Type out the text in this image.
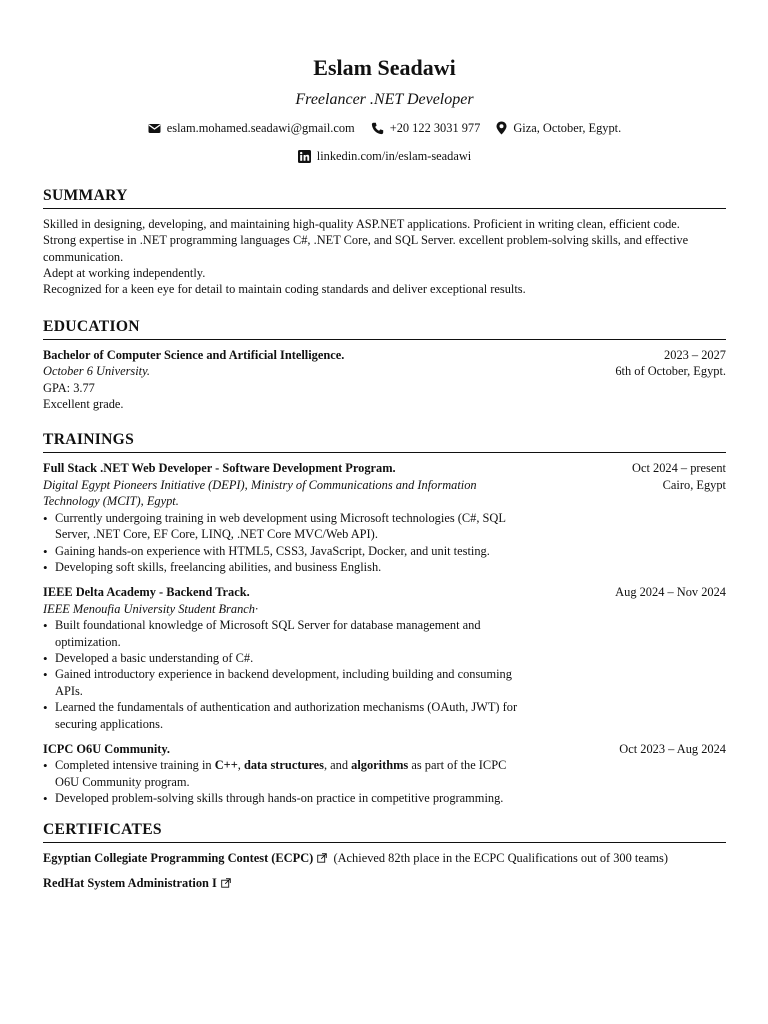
Eslam Seadawi
Freelancer .NET Developer
eslam.mohamed.seadawi@gmail.com	+20 122 3031 977	Giza, October, Egypt.
linkedin.com/in/eslam-seadawi
SUMMARY

Skilled in designing, developing, and maintaining high-quality ASP.NET applications. Proficient in writing clean, efficient code.

Strong expertise in .NET programming languages C#, .NET Core, and SQL Server. excellent problem-solving skills, and effective communication.

Adept at working independently.

Recognized for a keen eye for detail to maintain coding standards and deliver exceptional results.

EDUCATION
Bachelor of Computer Science and Artificial Intelligence.	2023 – 2027
October 6 University.	6th of October, Egypt.
GPA: 3.77
Excellent grade.
TRAININGS
Full Stack .NET Web Developer - Software Development Program.	Oct 2024 – present
Digital Egypt Pioneers Initiative (DEPI), Ministry of Communications and Information Technology (MCIT), Egypt.
Cairo, Egypt
• Currently undergoing training in web development using Microsoft technologies (C#, SQL Server, .NET Core, EF Core, LINQ, .NET Core MVC/Web API).
• Gaining hands-on experience with HTML5, CSS3, JavaScript, Docker, and unit testing.
• Developing soft skills, freelancing abilities, and business English.
IEEE Delta Academy - Backend Track.	Aug 2024 – Nov 2024
IEEE Menoufia University Student Branch·
• Built foundational knowledge of Microsoft SQL Server for database management and optimization.
• Developed a basic understanding of C#.
• Gained introductory experience in backend development, including building and consuming APIs.
• Learned the fundamentals of authentication and authorization mechanisms (OAuth, JWT) for securing applications.
ICPC O6U Community.	Oct 2023 – Aug 2024
• Completed intensive training in C++, data structures, and algorithms as part of the ICPC O6U Community program.
• Developed problem-solving skills through hands-on practice in competitive programming.
CERTIFICATES
Egyptian Collegiate Programming Contest (ECPC) (Achieved 82th place in the ECPC Qualifications out of 300 teams)
RedHat System Administration I
